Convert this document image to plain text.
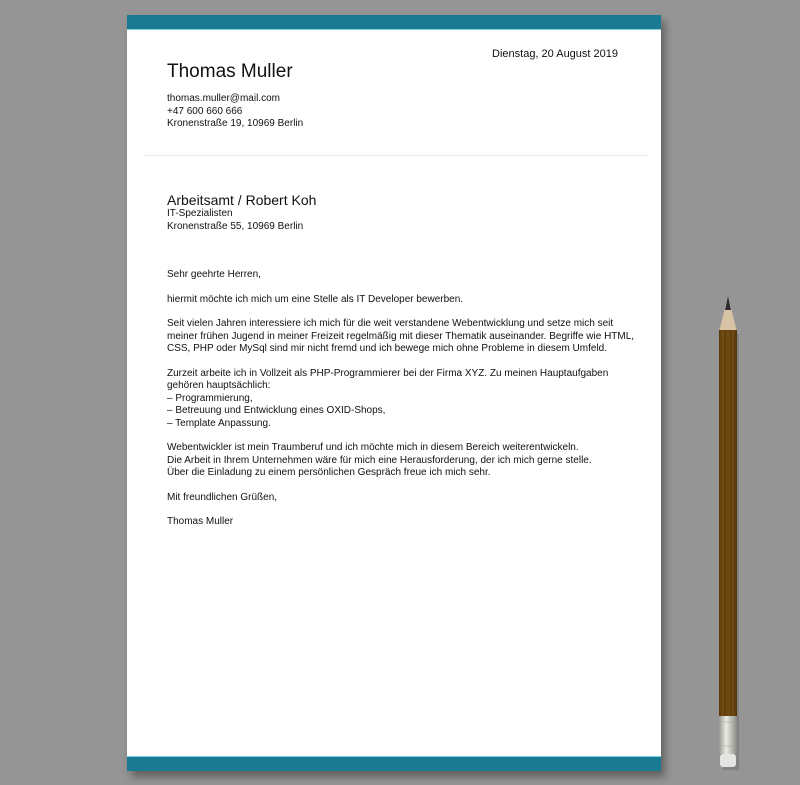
Dienstag, 20 August 2019
Thomas Muller
thomas.muller@mail.com
+47 600 660 666
Kronenstraße 19, 10969 Berlin
Arbeitsamt / Robert Koh
IT-Spezialisten
Kronenstraße 55, 10969 Berlin

Sehr geehrte Herren,

hiermit möchte ich mich um eine Stelle als IT Developer bewerben.

Seit vielen Jahren interessiere ich mich für die weit verstandene Webentwicklung und setze mich seit
meiner frühen Jugend in meiner Freizeit regelmäßig mit dieser Thematik auseinander. Begriffe wie HTML,
CSS, PHP oder MySql sind mir nicht fremd und ich bewege mich ohne Probleme in diesem Umfeld.

Zurzeit arbeite ich in Vollzeit als PHP-Programmierer bei der Firma XYZ. Zu meinen Hauptaufgaben
gehören hauptsächlich:
– Programmierung,
– Betreuung und Entwicklung eines OXID-Shops,
– Template Anpassung.

Webentwickler ist mein Traumberuf und ich möchte mich in diesem Bereich weiterentwickeln.
Die Arbeit in Ihrem Unternehmen wäre für mich eine Herausforderung, der ich mich gerne stelle.
Über die Einladung zu einem persönlichen Gespräch freue ich mich sehr.

Mit freundlichen Grüßen,

Thomas Muller
